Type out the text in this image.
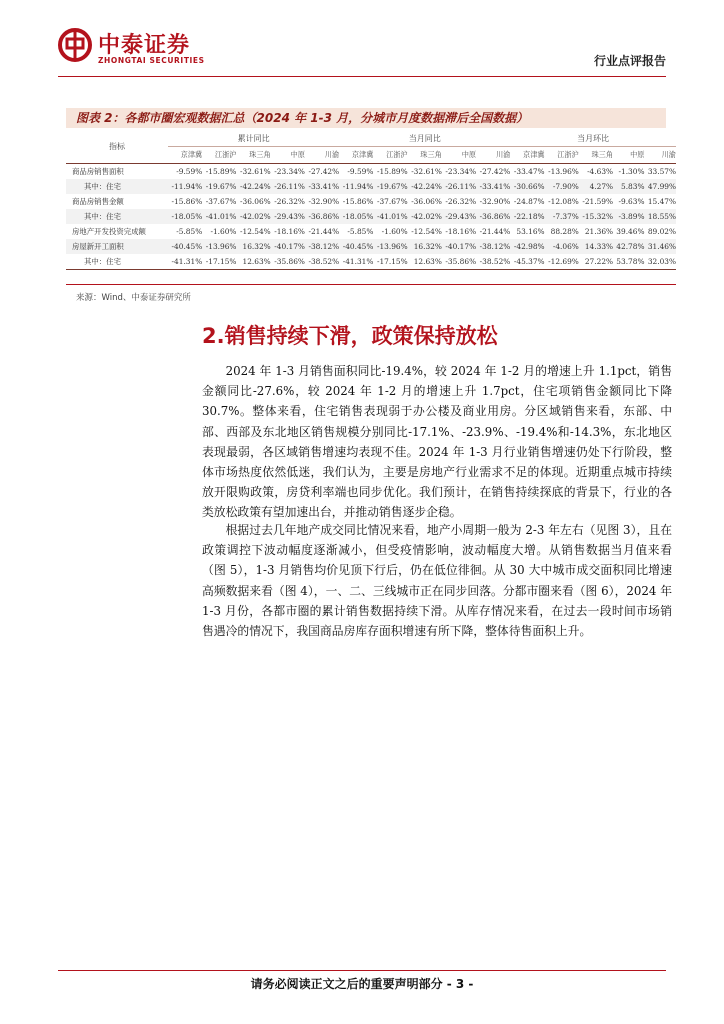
中泰证券
ZHONGTAI SECURITIES	行业点评报告
图表 2：各都市圈宏观数据汇总（2024 年 1-3 月，分城市月度数据滞后全国数据）
指标	累计同比					当月同比					当月环比				
	京津冀	江浙沪	珠三角	中原	川渝	京津冀	江浙沪	珠三角	中原	川渝	京津冀	江浙沪	珠三角	中原	川渝
商品房销售面积	-9.59%	-15.89%	-32.61%	-23.34%	-27.42%	-9.59%	-15.89%	-32.61%	-23.34%	-27.42%	-33.47%	-13.96%	-4.63%	-1.30%	33.57%
其中：住宅	-11.94%	-19.67%	-42.24%	-26.11%	-33.41%	-11.94%	-19.67%	-42.24%	-26.11%	-33.41%	-30.66%	-7.90%	4.27%	5.83%	47.99%
商品房销售金额	-15.86%	-37.67%	-36.06%	-26.32%	-32.90%	-15.86%	-37.67%	-36.06%	-26.32%	-32.90%	-24.87%	-12.08%	-21.59%	-9.63%	15.47%
其中：住宅	-18.05%	-41.01%	-42.02%	-29.43%	-36.86%	-18.05%	-41.01%	-42.02%	-29.43%	-36.86%	-22.18%	-7.37%	-15.32%	-3.89%	18.55%
房地产开发投资完成额	-5.85%	-1.60%	-12.54%	-18.16%	-21.44%	-5.85%	-1.60%	-12.54%	-18.16%	-21.44%	53.16%	88.28%	21.36%	39.46%	89.02%
房屋新开工面积	-40.45%	-13.96%	16.32%	-40.17%	-38.12%	-40.45%	-13.96%	16.32%	-40.17%	-38.12%	-42.98%	-4.06%	14.33%	42.78%	31.46%
其中：住宅	-41.31%	-17.15%	12.63%	-35.86%	-38.52%	-41.31%	-17.15%	12.63%	-35.86%	-38.52%	-45.37%	-12.69%	27.22%	53.78%	32.03%
来源：Wind、中泰证券研究所
2.销售持续下滑，政策保持放松

2024 年 1-3 月销售面积同比-19.4%，较 2024 年 1-2 月的增速上升 1.1pct，销售金额同比-27.6%，较 2024 年 1-2 月的增速上升 1.7pct，住宅项销售金额同比下降 30.7%。整体来看，住宅销售表现弱于办公楼及商业用房。分区域销售来看，东部、中部、西部及东北地区销售规模分别同比-17.1%、-23.9%、-19.4%和-14.3%，东北地区表现最弱，各区域销售增速均表现不佳。2024 年 1-3 月行业销售增速仍处下行阶段，整体市场热度依然低迷，我们认为，主要是房地产行业需求不足的体现。近期重点城市持续放开限购政策，房贷利率端也同步优化。我们预计，在销售持续探底的背景下，行业的各类放松政策有望加速出台，并推动销售逐步企稳。

根据过去几年地产成交同比情况来看，地产小周期一般为 2-3 年左右（见图 3），且在政策调控下波动幅度逐渐减小，但受疫情影响，波动幅度大增。从销售数据当月值来看（图 5），1-3 月销售均价见顶下行后，仍在低位徘徊。从 30 大中城市成交面积同比增速高频数据来看（图 4），一、二、三线城市正在同步回落。分都市圈来看（图 6），2024 年 1-3 月份，各都市圈的累计销售数据持续下滑。从库存情况来看，在过去一段时间市场销售遇冷的情况下，我国商品房库存面积增速有所下降，整体待售面积上升。

请务必阅读正文之后的重要声明部分 - 3 -
